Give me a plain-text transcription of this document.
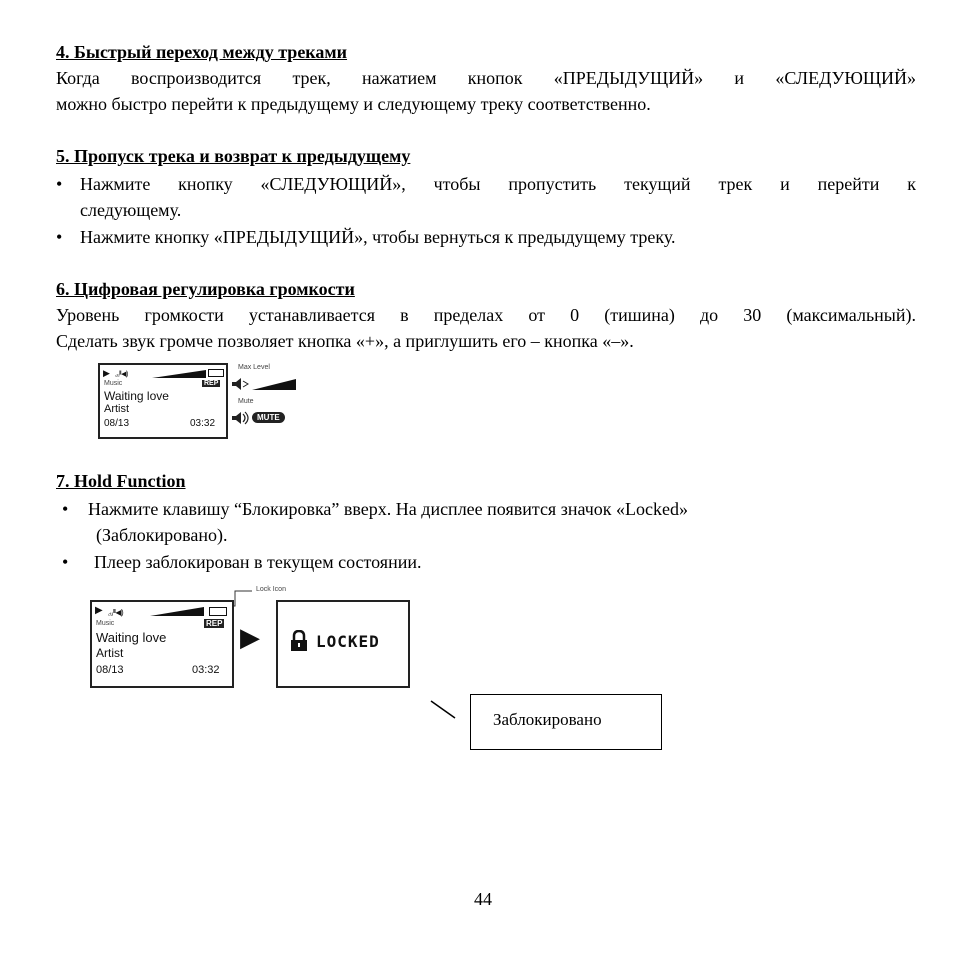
4. Быстрый переход между треками
Когда воспроизводится трек, нажатием кнопок «ПРЕДЫДУЩИЙ» и «СЛЕДУЮЩИЙ»
можно быстро перейти к предыдущему и следующему треку соответственно.
5. Пропуск трека и возврат к предыдущему
• Нажмите кнопку «СЛЕДУЮЩИЙ», чтобы пропустить текущий трек и перейти к
следующему.
• Нажмите кнопку «ПРЕДЫДУЩИЙ», чтобы вернуться к предыдущему треку.
6. Цифровая регулировка громкости
Уровень громкости устанавливается в пределах от 0 (тишина) до 30 (максимальный).
Сделать звук громче позволяет кнопка «+», а приглушить его – кнопка «–».
▶ ꜀ᵤᴵᴵᴵ◀)
Music	REP
Waiting love
Artist
08/13	03:32
Max Level
Mute
MUTE
7. Hold Function
• Нажмите клавишу “Блокировка” вверх. На дисплее появится значок «Locked»
(Заблокировано).
• Плеер заблокирован в текущем состоянии.
Lock Icon
▶ ꜀ᵤᴵᴵᴵ◀)
Music	REP
Waiting love
Artist
08/13	03:32
▶	LOCKED
Заблокировано
44
